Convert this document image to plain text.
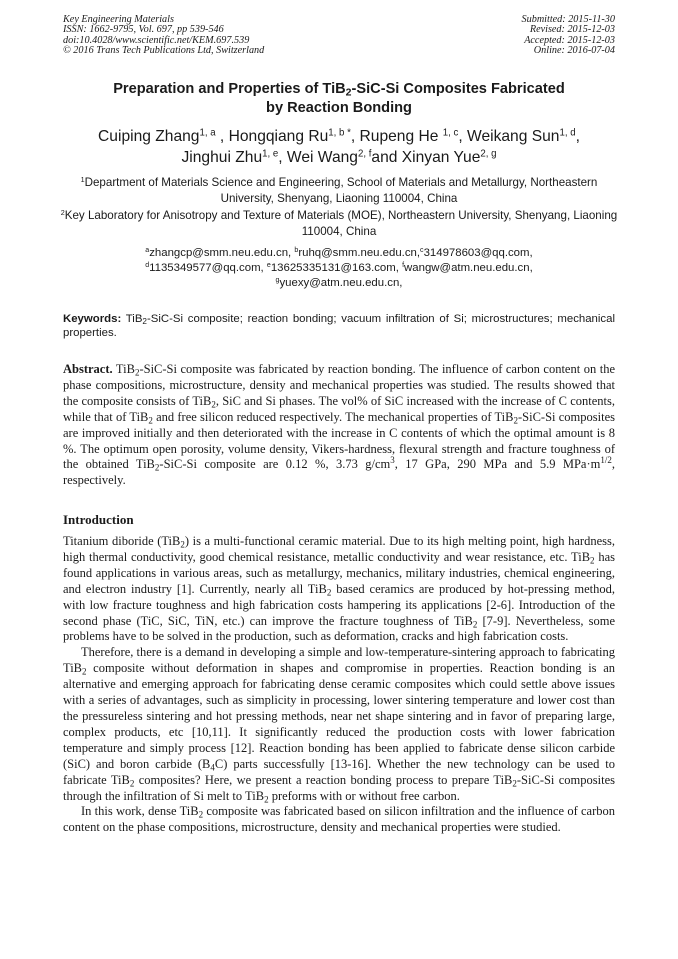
Key Engineering Materials
ISSN: 1662-9795, Vol. 697, pp 539-546
doi:10.4028/www.scientific.net/KEM.697.539
© 2016 Trans Tech Publications Ltd, Switzerland
Submitted: 2015-11-30
Revised: 2015-12-03
Accepted: 2015-12-03
Online: 2016-07-04
Preparation and Properties of TiB$_2$-SiC-Si Composites Fabricated
by Reaction Bonding
Cuiping Zhang$^{1, a}$ , Hongqiang $Ru^{1, b *}$, Rupeng He $^{1, c}$, Weikang Sun$^{1, d}$,
Jinghui Zhu$^{1, e}$, Wei Wang$^{2, f}$and Xinyan Yue$^{2, g}$
$^1$Department of Materials Science and Engineering, School of Materials and Metallurgy, Northeastern University, Shenyang, Liaoning 110004, China
$^2$Key Laboratory for Anisotropy and Texture of Materials (MOE), Northeastern University, Shenyang, Liaoning 110004, China
$^a$zhangcp@smm.neu.edu.cn, $^b$ruhq@smm.neu.edu.cn,$^c$314978603@qq.com,
$^d$1135349577@qq.com, $^e$13625335131@163.com, $^f$wangw@atm.neu.edu.cn,
$^g$yuexy@atm.neu.edu.cn,
Keywords: TiB$_2$-SiC-Si composite; reaction bonding; vacuum infiltration of Si; microstructures; mechanical properties.
Abstract. TiB$_2$-SiC-Si composite was fabricated by reaction bonding. The influence of carbon content on the phase compositions, microstructure, density and mechanical properties was studied. The results showed that the composite consists of TiB$_2$, SiC and Si phases. The vol% of SiC increased with the increase of C contents, while that of TiB$_2$ and free silicon reduced respectively. The mechanical properties of TiB$_2$-SiC-Si composites are improved initially and then deteriorated with the increase in C contents of which the optimal amount is 8 %. The optimum open porosity, volume density, Vikers-hardness, flexural strength and fracture toughness of the obtained TiB$_2$-SiC-Si composite are 0.12 %, 3.73 $g/cm^3$, 17 GPa, 290 MPa and 5.9 $MPa\cdot m^{1/2}$, respectively.
Introduction

Titanium diboride (TiB$_2$) is a multi-functional ceramic material. Due to its high melting point, high hardness, high thermal conductivity, good chemical resistance, metallic conductivity and wear resistance, etc. TiB$_2$ has found applications in various areas, such as metallurgy, mechanics, military industries, chemical engineering, and electron industry [1]. Currently, nearly all TiB$_2$ based ceramics are produced by hot-pressing method, with low fracture toughness and high fabrication costs hampering its applications [2-6]. Introduction of the second phase (TiC, SiC, TiN, etc.) can improve the fracture toughness of TiB$_2$ [7-9]. Nevertheless, some problems have to be solved in the production, such as deformation, cracks and high fabrication costs.

Therefore, there is a demand in developing a simple and low-temperature-sintering approach to fabricating TiB$_2$ composite without deformation in shapes and compromise in properties. Reaction bonding is an alternative and emerging approach for fabricating dense ceramic composites which could settle above issues with a series of advantages, such as simplicity in processing, lower sintering temperature and lower cost than the pressureless sintering and hot pressing methods, near net shape sintering and in favor of preparing large, complex products, etc [10,11]. It significantly reduced the production costs with lower fabrication temperature and simply process [12]. Reaction bonding has been applied to fabricate dense silicon carbide (SiC) and boron carbide $(B_4C)$ parts successfully [13-16]. Whether the new technology can be used to fabricate TiB$_2$ composites? Here, we present a reaction bonding process to prepare TiB$_2$-SiC-Si composites through the infiltration of Si melt to TiB$_2$ preforms with or without free carbon.

In this work, dense TiB$_2$ composite was fabricated based on silicon infiltration and the influence of carbon content on the phase compositions, microstructure, density and mechanical properties were studied.
